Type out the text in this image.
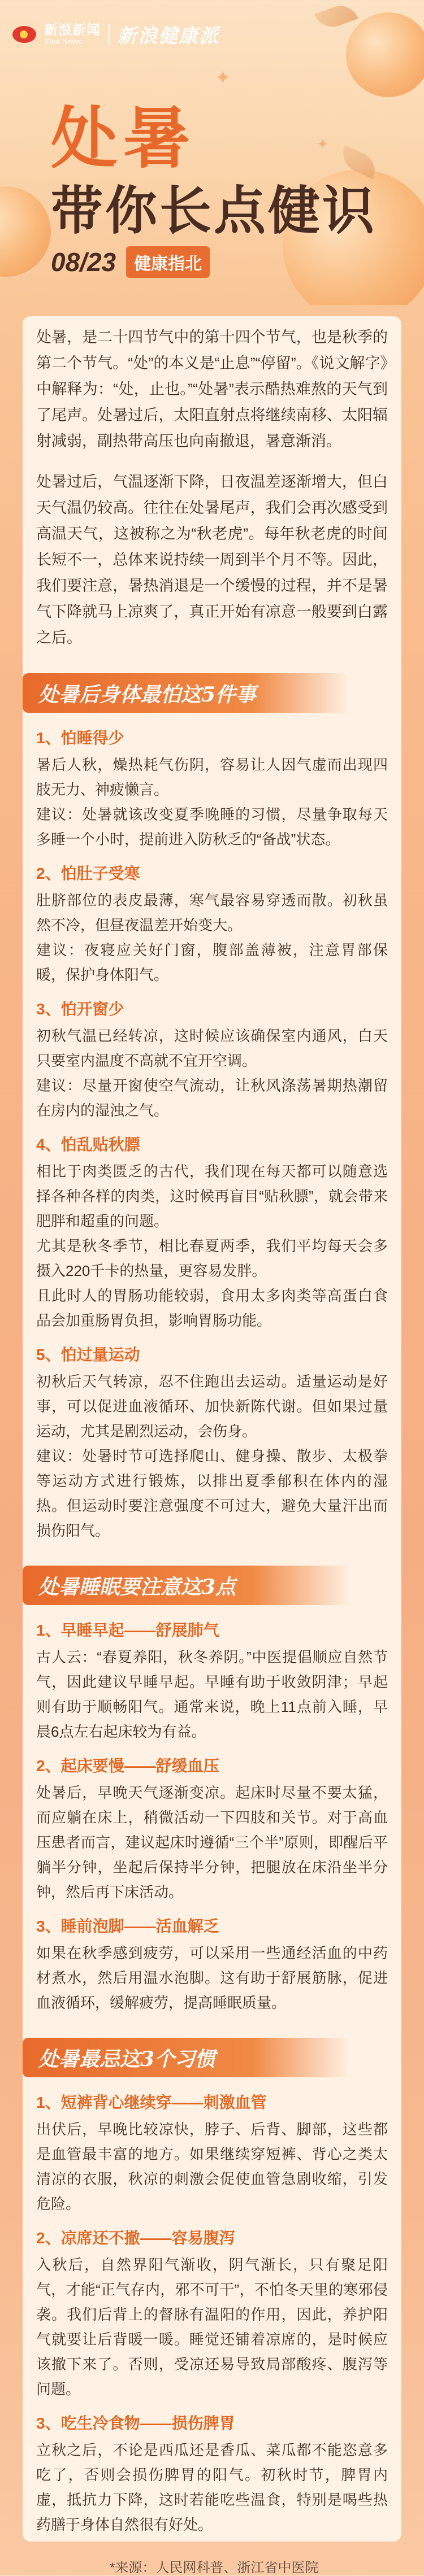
✦
✦
新浪新闻
Sina News	新浪健康派
处暑
带你长点健识
08/23	健康指北

处暑，是二十四节气中的第十四个节气，也是秋季的第二个节气。“处”的本义是“止息”“停留”。《说文解字》中解释为：“处，止也。”“处暑”表示酷热难熬的天气到了尾声。处暑过后，太阳直射点将继续南移、太阳辐射减弱，副热带高压也向南撤退，暑意渐消。

处暑过后，气温逐渐下降，日夜温差逐渐增大，但白天气温仍较高。往往在处暑尾声，我们会再次感受到高温天气，这被称之为“秋老虎”。每年秋老虎的时间长短不一，总体来说持续一周到半个月不等。因此，我们要注意，暑热消退是一个缓慢的过程，并不是暑气下降就马上凉爽了，真正开始有凉意一般要到白露之后。

处暑后身体最怕这5件事
1、怕睡得少

暑后人秋，燥热耗气伤阴，容易让人因气虚而出现四肢无力、神疲懒言。

建议：处暑就该改变夏季晚睡的习惯，尽量争取每天多睡一个小时，提前进入防秋乏的“备战”状态。

2、怕肚子受寒

肚脐部位的表皮最薄，寒气最容易穿透而散。初秋虽然不冷，但昼夜温差开始变大。

建议：夜寝应关好门窗，腹部盖薄被，注意胃部保暖，保护身体阳气。

3、怕开窗少

初秋气温已经转凉，这时候应该确保室内通风，白天只要室内温度不高就不宜开空调。

建议：尽量开窗使空气流动，让秋风涤荡暑期热潮留在房内的湿浊之气。

4、怕乱贴秋膘

相比于肉类匮乏的古代，我们现在每天都可以随意选择各种各样的肉类，这时候再盲目“贴秋膘”，就会带来肥胖和超重的问题。

尤其是秋冬季节，相比春夏两季，我们平均每天会多摄入220千卡的热量，更容易发胖。

且此时人的胃肠功能较弱，食用太多肉类等高蛋白食品会加重肠胃负担，影响胃肠功能。

5、怕过量运动

初秋后天气转凉，忍不住跑出去运动。适量运动是好事，可以促进血液循环、加快新陈代谢。但如果过量运动，尤其是剧烈运动，会伤身。

建议：处暑时节可选择爬山、健身操、散步、太极拳等运动方式进行锻炼，以排出夏季郁积在体内的湿热。但运动时要注意强度不可过大，避免大量汗出而损伤阳气。

处暑睡眠要注意这3点
1、早睡早起——舒展肺气

古人云：“春夏养阳，秋冬养阴。”中医提倡顺应自然节气，因此建议早睡早起。早睡有助于收敛阴津；早起则有助于顺畅阳气。通常来说，晚上11点前入睡，早晨6点左右起床较为有益。

2、起床要慢——舒缓血压

处暑后，早晚天气逐渐变凉。起床时尽量不要太猛，而应躺在床上，稍微活动一下四肢和关节。对于高血压患者而言，建议起床时遵循“三个半”原则，即醒后平躺半分钟，坐起后保持半分钟，把腿放在床沿坐半分钟，然后再下床活动。

3、睡前泡脚——活血解乏

如果在秋季感到疲劳，可以采用一些通经活血的中药材煮水，然后用温水泡脚。这有助于舒展筋脉，促进血液循环，缓解疲劳，提高睡眠质量。

处暑最忌这3个习惯
1、短裤背心继续穿——刺激血管

出伏后，早晚比较凉快，脖子、后背、脚部，这些都是血管最丰富的地方。如果继续穿短裤、背心之类太清凉的衣服，秋凉的刺激会促使血管急剧收缩，引发危险。

2、凉席还不撤——容易腹泻

入秋后，自然界阳气渐收，阴气渐长，只有聚足阳气，才能“正气存内，邪不可干”，不怕冬天里的寒邪侵袭。我们后背上的督脉有温阳的作用，因此，养护阳气就要让后背暖一暖。睡觉还铺着凉席的，是时候应该撤下来了。否则，受凉还易导致局部酸疼、腹泻等问题。

3、吃生冷食物——损伤脾胃

立秋之后，不论是西瓜还是香瓜、菜瓜都不能恣意多吃了，否则会损伤脾胃的阳气。初秋时节，脾胃内虚，抵抗力下降，这时若能吃些温食，特别是喝些热药膳于身体自然很有好处。

*来源：人民网科普、浙江省中医院
